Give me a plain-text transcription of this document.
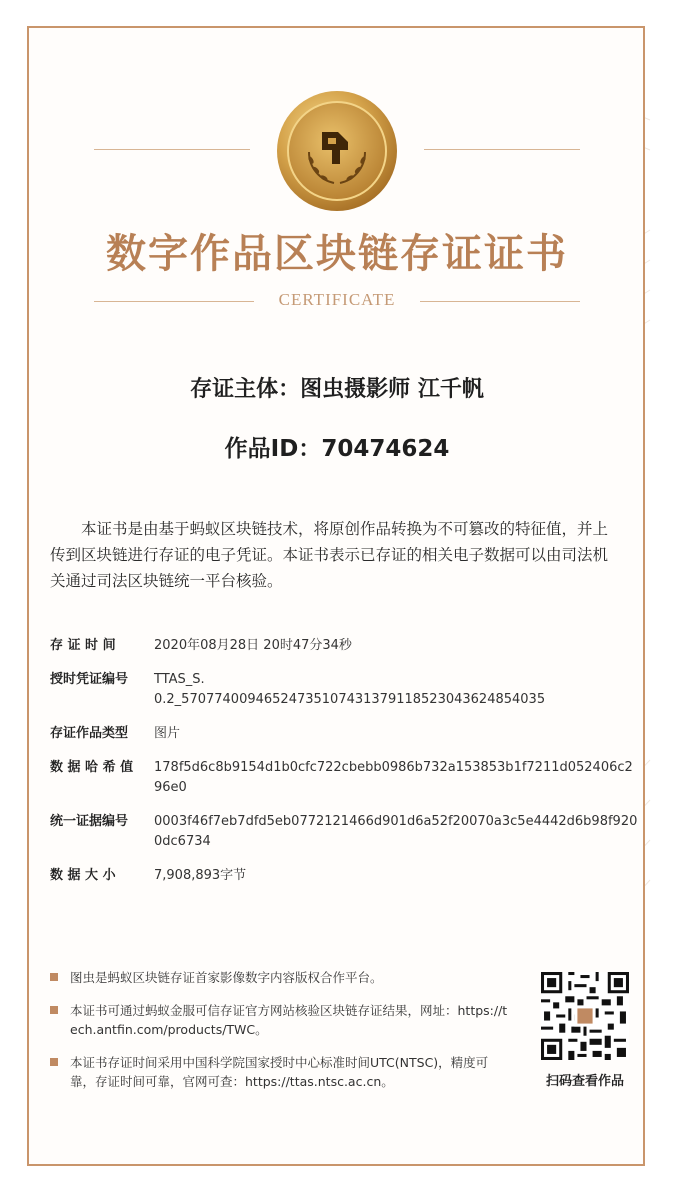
数字作品区块链存证证书
CERTIFICATE
存证主体：图虫摄影师 江千帆
作品ID：70474624
本证书是由基于蚂蚁区块链技术，将原创作品转换为不可篡改的特征值，并上传到区块链进行存证的电子凭证。本证书表示已存证的相关电子数据可以由司法机关通过司法区块链统一平台核验。
存 证 时 间	2020年08月28日 20时47分34秒
授时凭证编号	TTAS_S.
0.2_57077400946524735107431379118523043624854035
存证作品类型	图片
数 据 哈 希 值	178f5d6c8b9154d1b0cfc722cbebb0986b732a153853b1f7211d052406c296e0
统一证据编号	0003f46f7eb7dfd5eb0772121466d901d6a52f20070a3c5e4442d6b98f9200dc6734
数 据 大 小	7,908,893字节
图虫是蚂蚁区块链存证首家影像数字内容版权合作平台。
本证书可通过蚂蚁金服可信存证官方网站核验区块链存证结果，网址：https://tech.antfin.com/products/TWC。
本证书存证时间采用中国科学院国家授时中心标准时间UTC(NTSC)，精度可靠，存证时间可靠，官网可查：https://ttas.ntsc.ac.cn。	扫码查看作品
